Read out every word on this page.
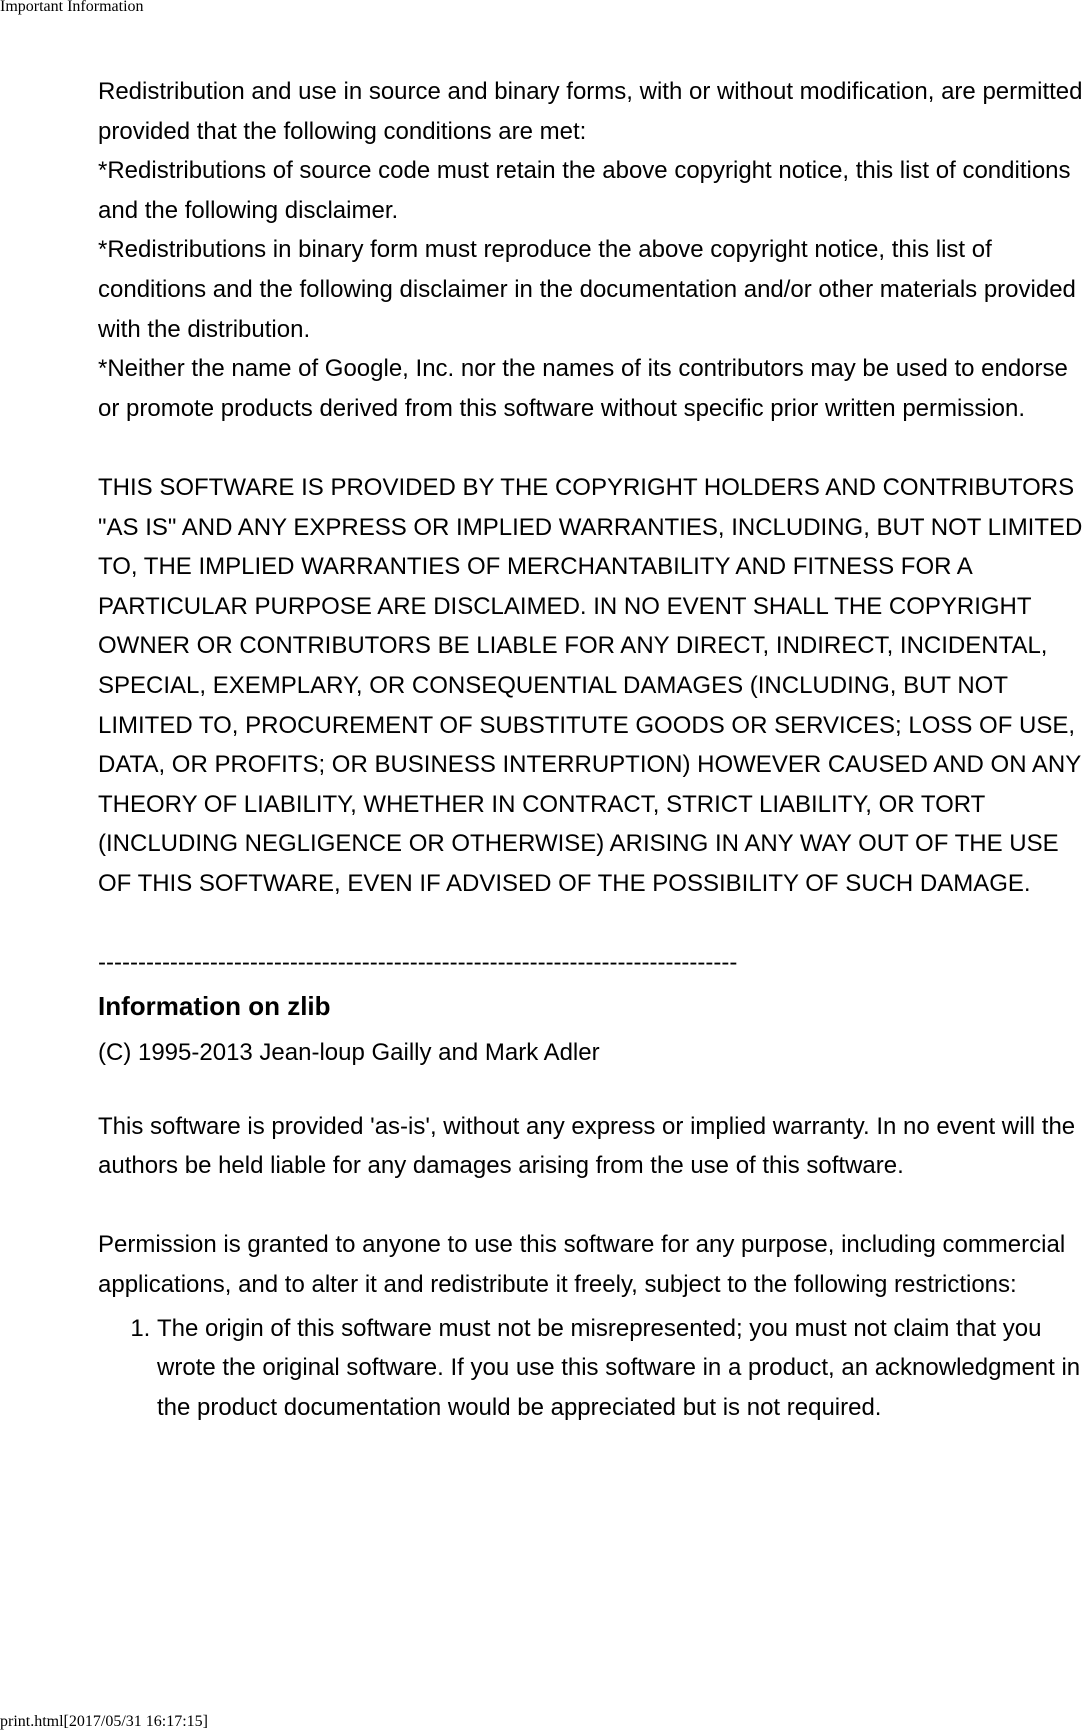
Important Information

Redistribution and use in source and binary forms, with or without modification, are permitted provided that the following conditions are met:

*Redistributions of source code must retain the above copyright notice, this list of conditions and the following disclaimer.

*Redistributions in binary form must reproduce the above copyright notice, this list of conditions and the following disclaimer in the documentation and/or other materials provided with the distribution.

*Neither the name of Google, Inc. nor the names of its contributors may be used to endorse or promote products derived from this software without specific prior written permission.

THIS SOFTWARE IS PROVIDED BY THE COPYRIGHT HOLDERS AND CONTRIBUTORS "AS IS" AND ANY EXPRESS OR IMPLIED WARRANTIES, INCLUDING, BUT NOT LIMITED TO, THE IMPLIED WARRANTIES OF MERCHANTABILITY AND FITNESS FOR A PARTICULAR PURPOSE ARE DISCLAIMED. IN NO EVENT SHALL THE COPYRIGHT OWNER OR CONTRIBUTORS BE LIABLE FOR ANY DIRECT, INDIRECT, INCIDENTAL, SPECIAL, EXEMPLARY, OR CONSEQUENTIAL DAMAGES (INCLUDING, BUT NOT LIMITED TO, PROCUREMENT OF SUBSTITUTE GOODS OR SERVICES; LOSS OF USE, DATA, OR PROFITS; OR BUSINESS INTERRUPTION) HOWEVER CAUSED AND ON ANY THEORY OF LIABILITY, WHETHER IN CONTRACT, STRICT LIABILITY, OR TORT (INCLUDING NEGLIGENCE OR OTHERWISE) ARISING IN ANY WAY OUT OF THE USE OF THIS SOFTWARE, EVEN IF ADVISED OF THE POSSIBILITY OF SUCH DAMAGE.

--------------------------------------------------------------------------------

Information on zlib

(C) 1995-2013 Jean-loup Gailly and Mark Adler

This software is provided 'as-is', without any express or implied warranty. In no event will the authors be held liable for any damages arising from the use of this software.

Permission is granted to anyone to use this software for any purpose, including commercial applications, and to alter it and redistribute it freely, subject to the following restrictions:

1. The origin of this software must not be misrepresented; you must not claim that you wrote the original software. If you use this software in a product, an acknowledgment in the product documentation would be appreciated but is not required.
print.html[2017/05/31 16:17:15]
